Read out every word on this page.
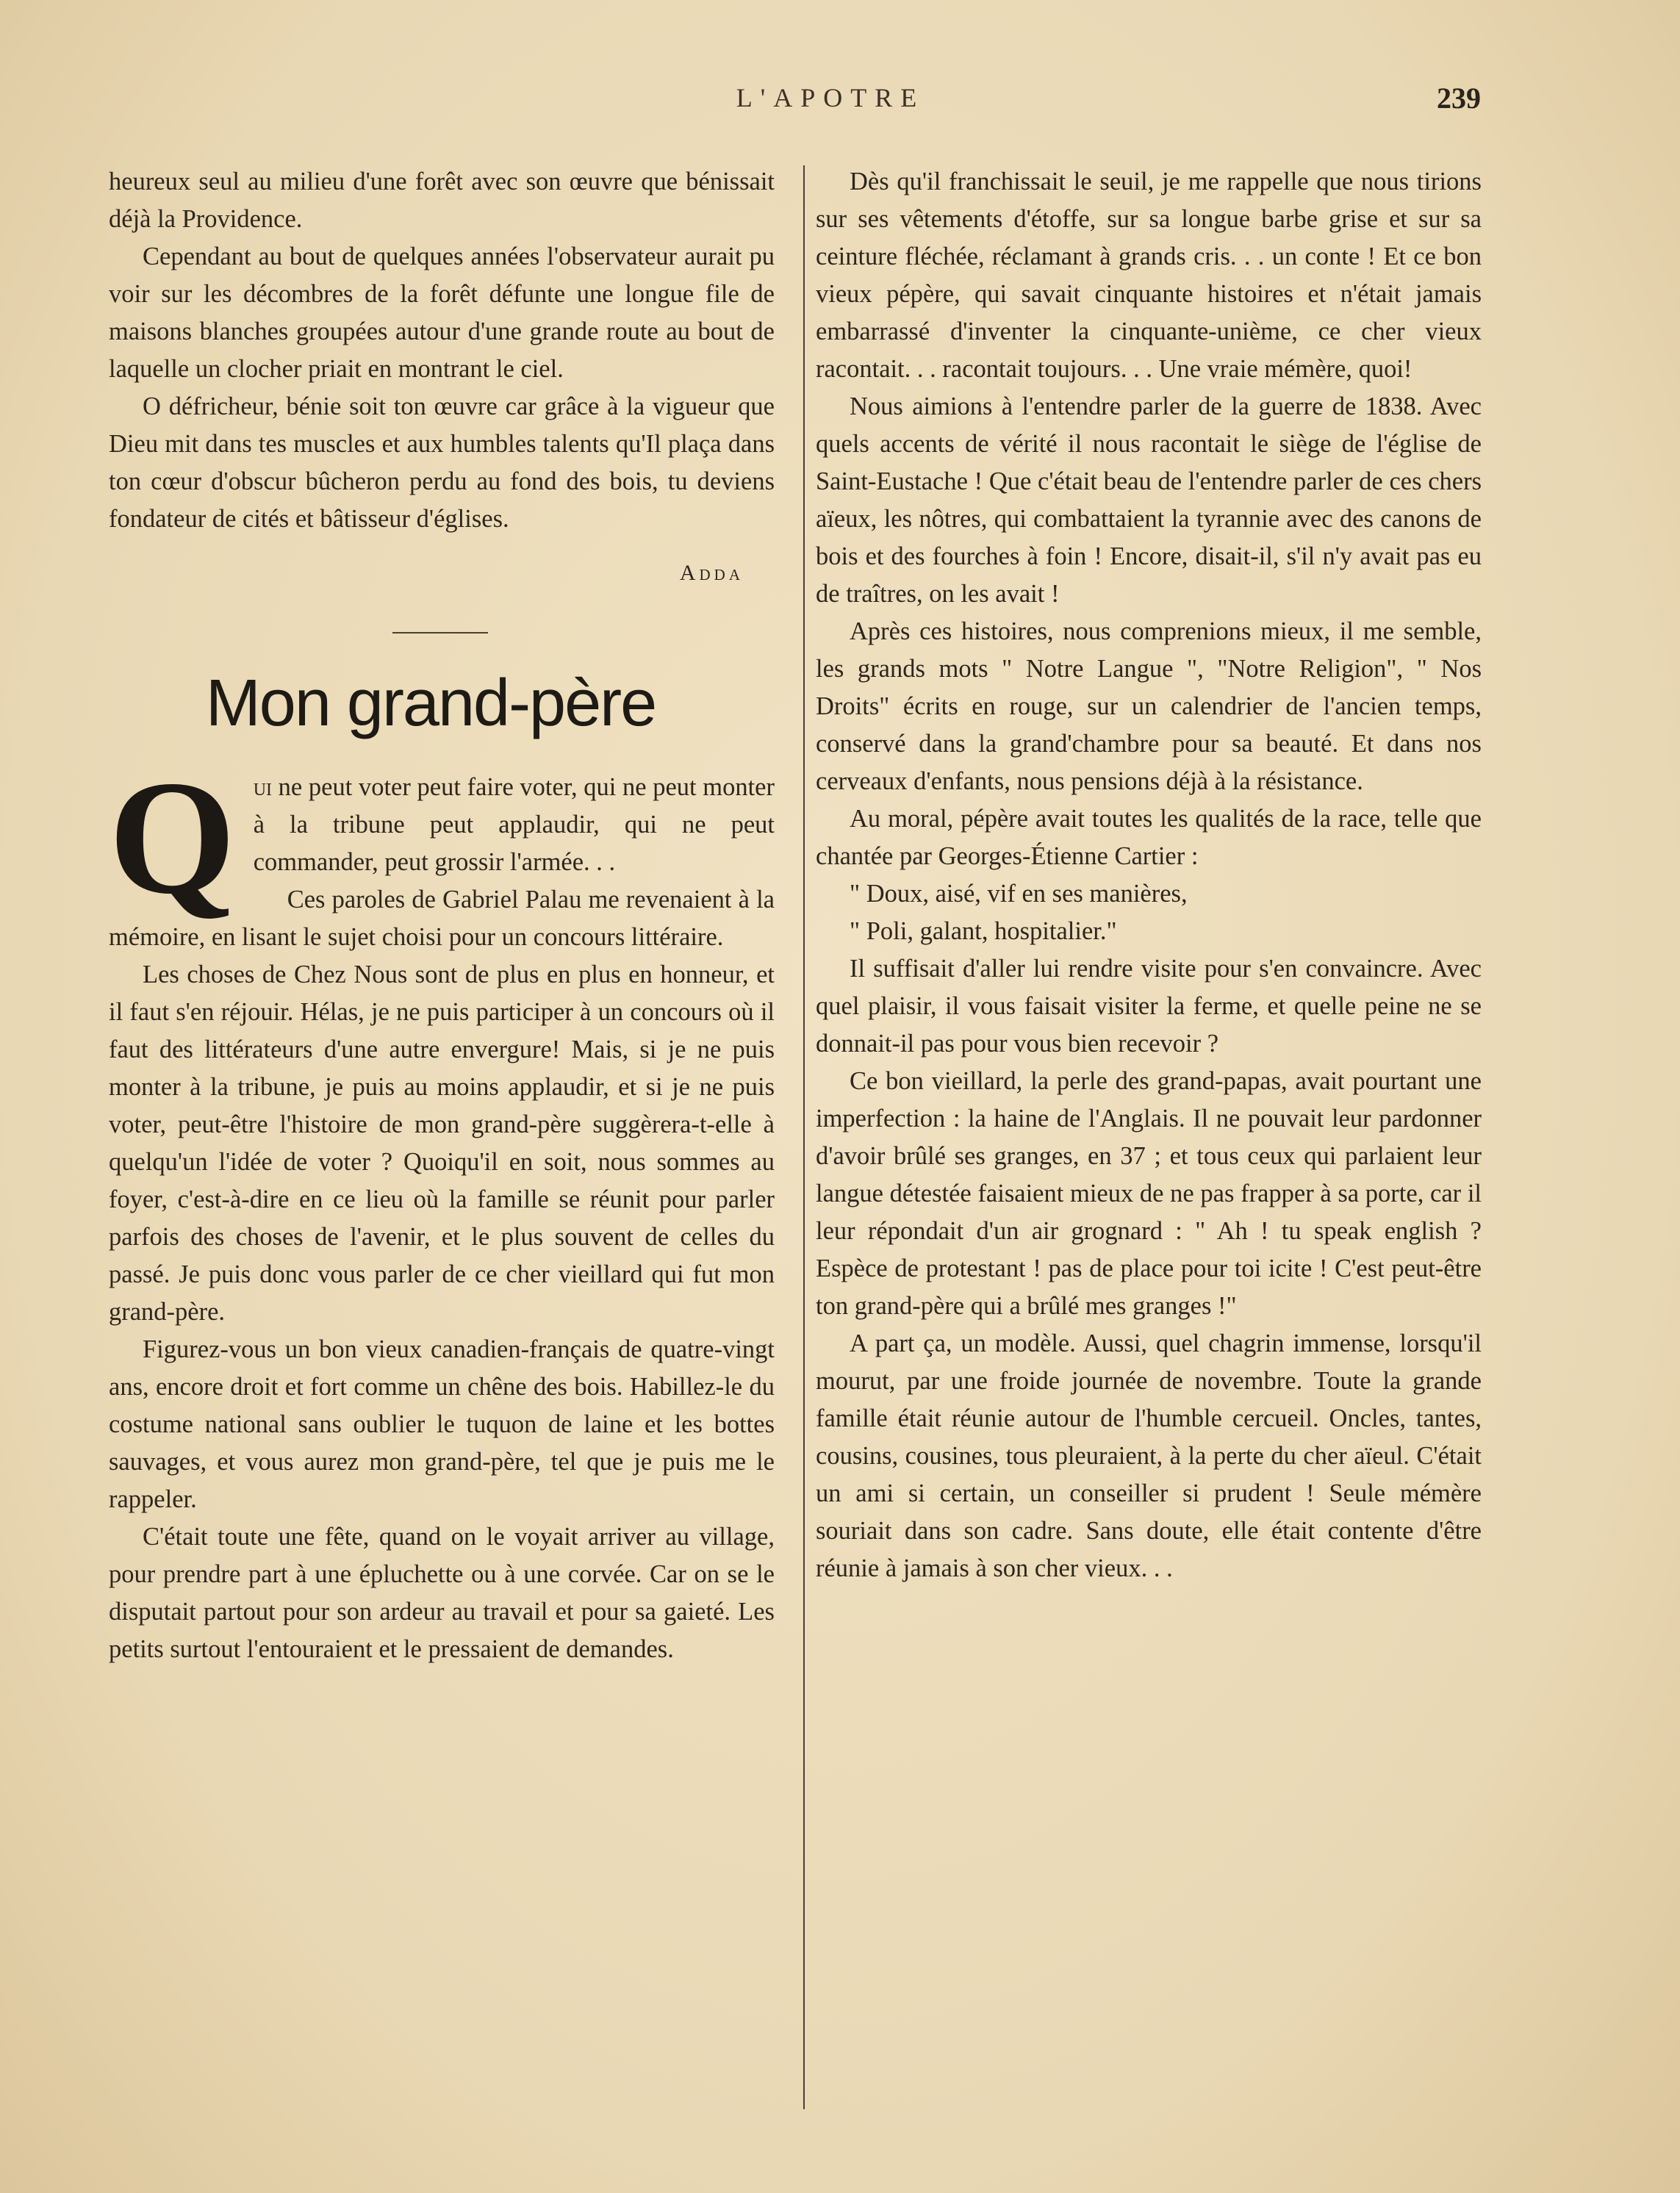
L'APOTRE	239

heureux seul au milieu d'une forêt avec son œuvre que bénissait déjà la Providence.

Cependant au bout de quelques années l'observateur aurait pu voir sur les décombres de la forêt défunte une longue file de maisons blanches groupées autour d'une grande route au bout de laquelle un clocher priait en montrant le ciel.

O défricheur, bénie soit ton œuvre car grâce à la vigueur que Dieu mit dans tes muscles et aux humbles talents qu'Il plaça dans ton cœur d'obscur bûcheron perdu au fond des bois, tu deviens fondateur de cités et bâtisseur d'églises.

Adda
Mon grand-père
Q ui ne peut voter peut faire voter, qui ne peut monter à la tribune peut applaudir, qui ne peut commander, peut grossir l'armée. . .

Ces paroles de Gabriel Palau me revenaient à la mémoire, en lisant le sujet choisi pour un concours littéraire.

Les choses de Chez Nous sont de plus en plus en honneur, et il faut s'en réjouir. Hélas, je ne puis participer à un concours où il faut des littérateurs d'une autre envergure! Mais, si je ne puis monter à la tribune, je puis au moins applaudir, et si je ne puis voter, peut-être l'histoire de mon grand-père suggèrera-t-elle à quelqu'un l'idée de voter ? Quoiqu'il en soit, nous sommes au foyer, c'est-à-dire en ce lieu où la famille se réunit pour parler parfois des choses de l'avenir, et le plus souvent de celles du passé. Je puis donc vous parler de ce cher vieillard qui fut mon grand-père.

Figurez-vous un bon vieux canadien-français de quatre-vingt ans, encore droit et fort comme un chêne des bois. Habillez-le du costume national sans oublier le tuquon de laine et les bottes sauvages, et vous aurez mon grand-père, tel que je puis me le rappeler.

C'était toute une fête, quand on le voyait arriver au village, pour prendre part à une épluchette ou à une corvée. Car on se le disputait partout pour son ardeur au travail et pour sa gaieté. Les petits surtout l'entouraient et le pressaient de demandes.

Dès qu'il franchissait le seuil, je me rappelle que nous tirions sur ses vêtements d'étoffe, sur sa longue barbe grise et sur sa ceinture fléchée, réclamant à grands cris. . . un conte ! Et ce bon vieux pépère, qui savait cinquante histoires et n'était jamais embarrassé d'inventer la cinquante-unième, ce cher vieux racontait. . . racontait toujours. . . Une vraie mémère, quoi!

Nous aimions à l'entendre parler de la guerre de 1838. Avec quels accents de vérité il nous racontait le siège de l'église de Saint-Eustache ! Que c'était beau de l'entendre parler de ces chers aïeux, les nôtres, qui combattaient la tyrannie avec des canons de bois et des fourches à foin ! Encore, disait-il, s'il n'y avait pas eu de traîtres, on les avait !

Après ces histoires, nous comprenions mieux, il me semble, les grands mots " Notre Langue ", "Notre Religion", " Nos Droits" écrits en rouge, sur un calendrier de l'ancien temps, conservé dans la grand'chambre pour sa beauté. Et dans nos cerveaux d'enfants, nous pensions déjà à la résistance.

Au moral, pépère avait toutes les qualités de la race, telle que chantée par Georges-Étienne Cartier :

" Doux, aisé, vif en ses manières,

" Poli, galant, hospitalier."

Il suffisait d'aller lui rendre visite pour s'en convaincre. Avec quel plaisir, il vous faisait visiter la ferme, et quelle peine ne se donnait-il pas pour vous bien recevoir ?

Ce bon vieillard, la perle des grand-papas, avait pourtant une imperfection : la haine de l'Anglais. Il ne pouvait leur pardonner d'avoir brûlé ses granges, en 37 ; et tous ceux qui parlaient leur langue détestée faisaient mieux de ne pas frapper à sa porte, car il leur répondait d'un air grognard : " Ah ! tu speak english ? Espèce de protestant ! pas de place pour toi icite ! C'est peut-être ton grand-père qui a brûlé mes granges !"

A part ça, un modèle. Aussi, quel chagrin immense, lorsqu'il mourut, par une froide journée de novembre. Toute la grande famille était réunie autour de l'humble cercueil. Oncles, tantes, cousins, cousines, tous pleuraient, à la perte du cher aïeul. C'était un ami si certain, un conseiller si prudent ! Seule mémère souriait dans son cadre. Sans doute, elle était contente d'être réunie à jamais à son cher vieux. . .
